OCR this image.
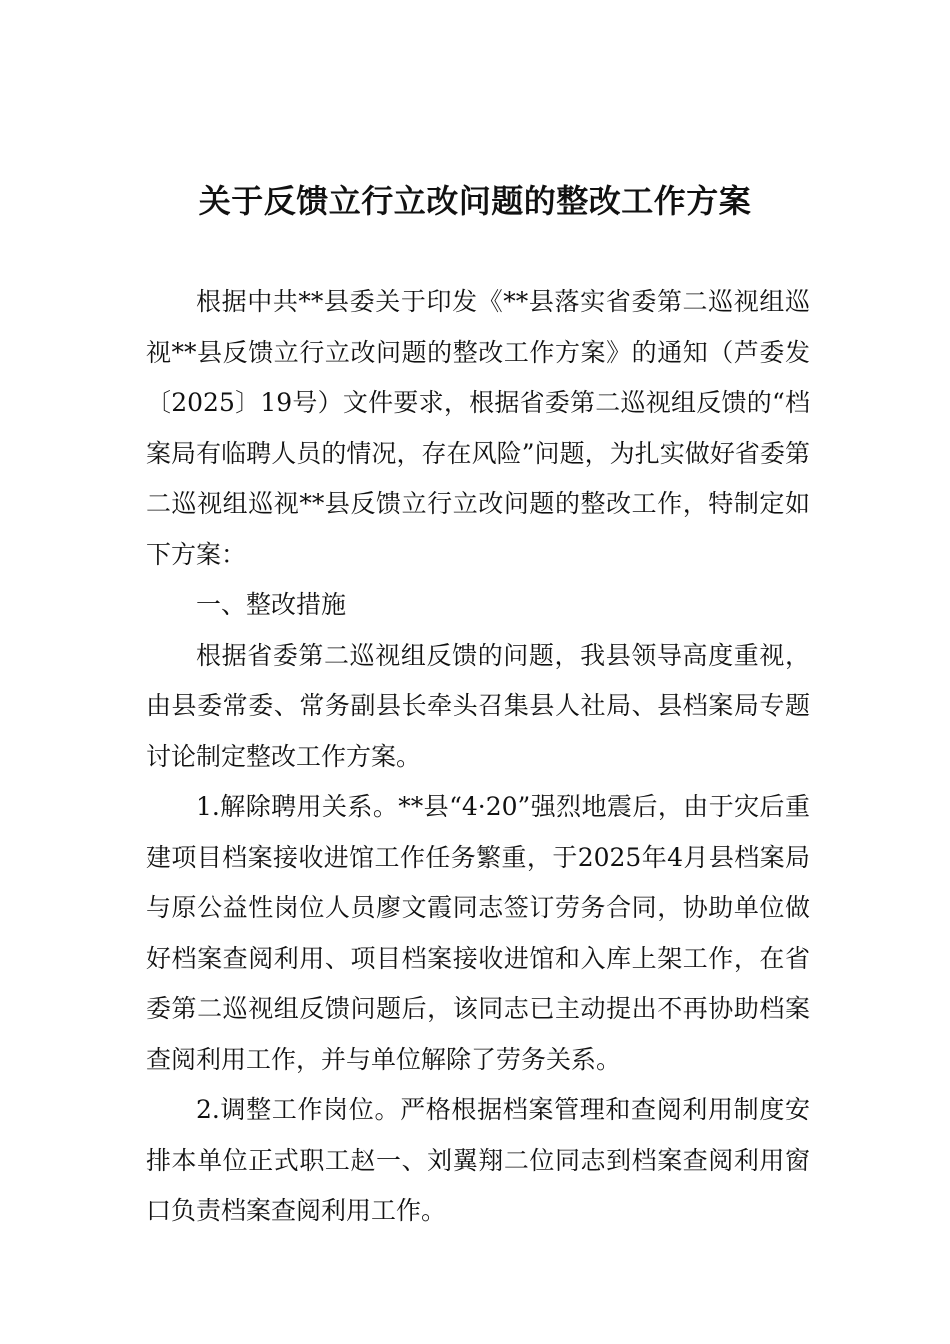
关于反馈立行立改问题的整改工作方案

根据中共**县委关于印发《**县落实省委第二巡视组巡视**县反馈立行立改问题的整改工作方案》的通知（芦委发〔2025〕19号）文件要求，根据省委第二巡视组反馈的“档案局有临聘人员的情况，存在风险”问题，为扎实做好省委第二巡视组巡视**县反馈立行立改问题的整改工作，特制定如下方案：

一、整改措施

根据省委第二巡视组反馈的问题，我县领导高度重视，由县委常委、常务副县长牵头召集县人社局、县档案局专题讨论制定整改工作方案。

1.解除聘用关系。**县“4·20”强烈地震后，由于灾后重建项目档案接收进馆工作任务繁重，于2025年4月县档案局与原公益性岗位人员廖文霞同志签订劳务合同，协助单位做好档案查阅利用、项目档案接收进馆和入库上架工作，在省委第二巡视组反馈问题后，该同志已主动提出不再协助档案查阅利用工作，并与单位解除了劳务关系。

2.调整工作岗位。严格根据档案管理和查阅利用制度安排本单位正式职工赵一、刘翼翔二位同志到档案查阅利用窗口负责档案查阅利用工作。
